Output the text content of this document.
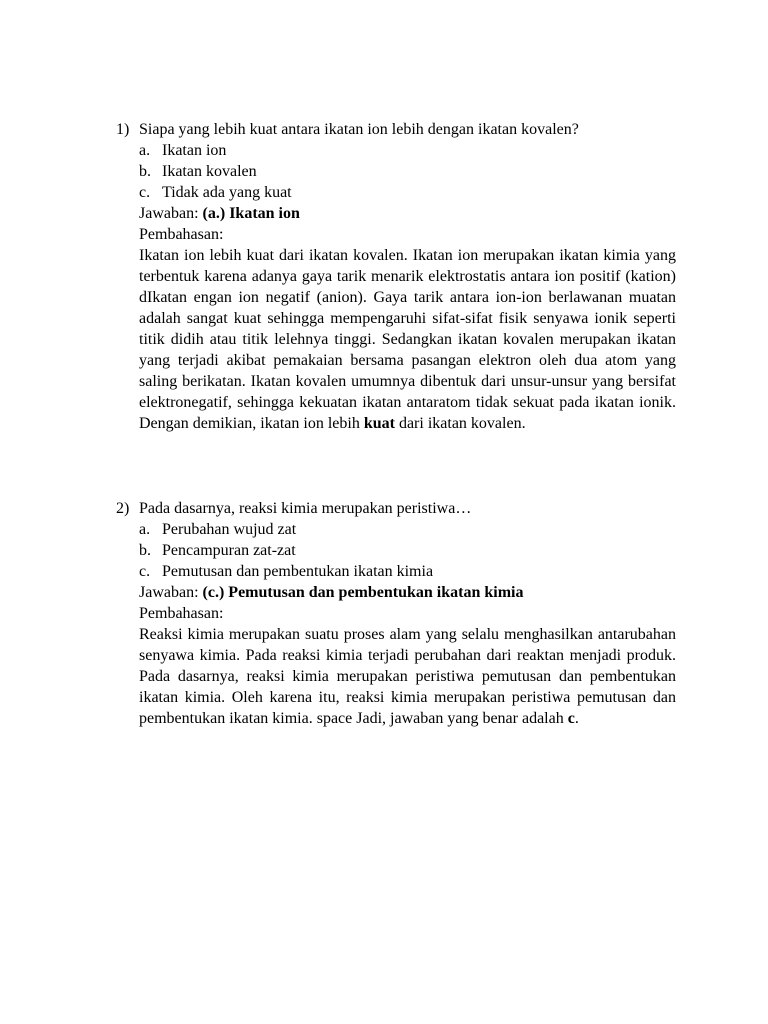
1) Siapa yang lebih kuat antara ikatan ion lebih dengan ikatan kovalen?
a. Ikatan ion
b. Ikatan kovalen
c. Tidak ada yang kuat
Jawaban: (a.) Ikatan ion
Pembahasan:
Ikatan ion lebih kuat dari ikatan kovalen. Ikatan ion merupakan ikatan kimia yang terbentuk karena adanya gaya tarik menarik elektrostatis antara ion positif (kation) dIkatan engan ion negatif (anion). Gaya tarik antara ion-ion berlawanan muatan adalah sangat kuat sehingga mempengaruhi sifat-sifat fisik senyawa ionik seperti titik didih atau titik lelehnya tinggi. Sedangkan ikatan kovalen merupakan ikatan yang terjadi akibat pemakaian bersama pasangan elektron oleh dua atom yang saling berikatan. Ikatan kovalen umumnya dibentuk dari unsur-unsur yang bersifat elektronegatif, sehingga kekuatan ikatan antaratom tidak sekuat pada ikatan ionik. Dengan demikian, ikatan ion lebih kuat dari ikatan kovalen.
2) Pada dasarnya, reaksi kimia merupakan peristiwa…
a. Perubahan wujud zat
b. Pencampuran zat-zat
c. Pemutusan dan pembentukan ikatan kimia
Jawaban: (c.) Pemutusan dan pembentukan ikatan kimia
Pembahasan:
Reaksi kimia merupakan suatu proses alam yang selalu menghasilkan antarubahan senyawa kimia. Pada reaksi kimia terjadi perubahan dari reaktan menjadi produk. Pada dasarnya, reaksi kimia merupakan peristiwa pemutusan dan pembentukan ikatan kimia. Oleh karena itu, reaksi kimia merupakan peristiwa pemutusan dan pembentukan ikatan kimia. space Jadi, jawaban yang benar adalah c.
